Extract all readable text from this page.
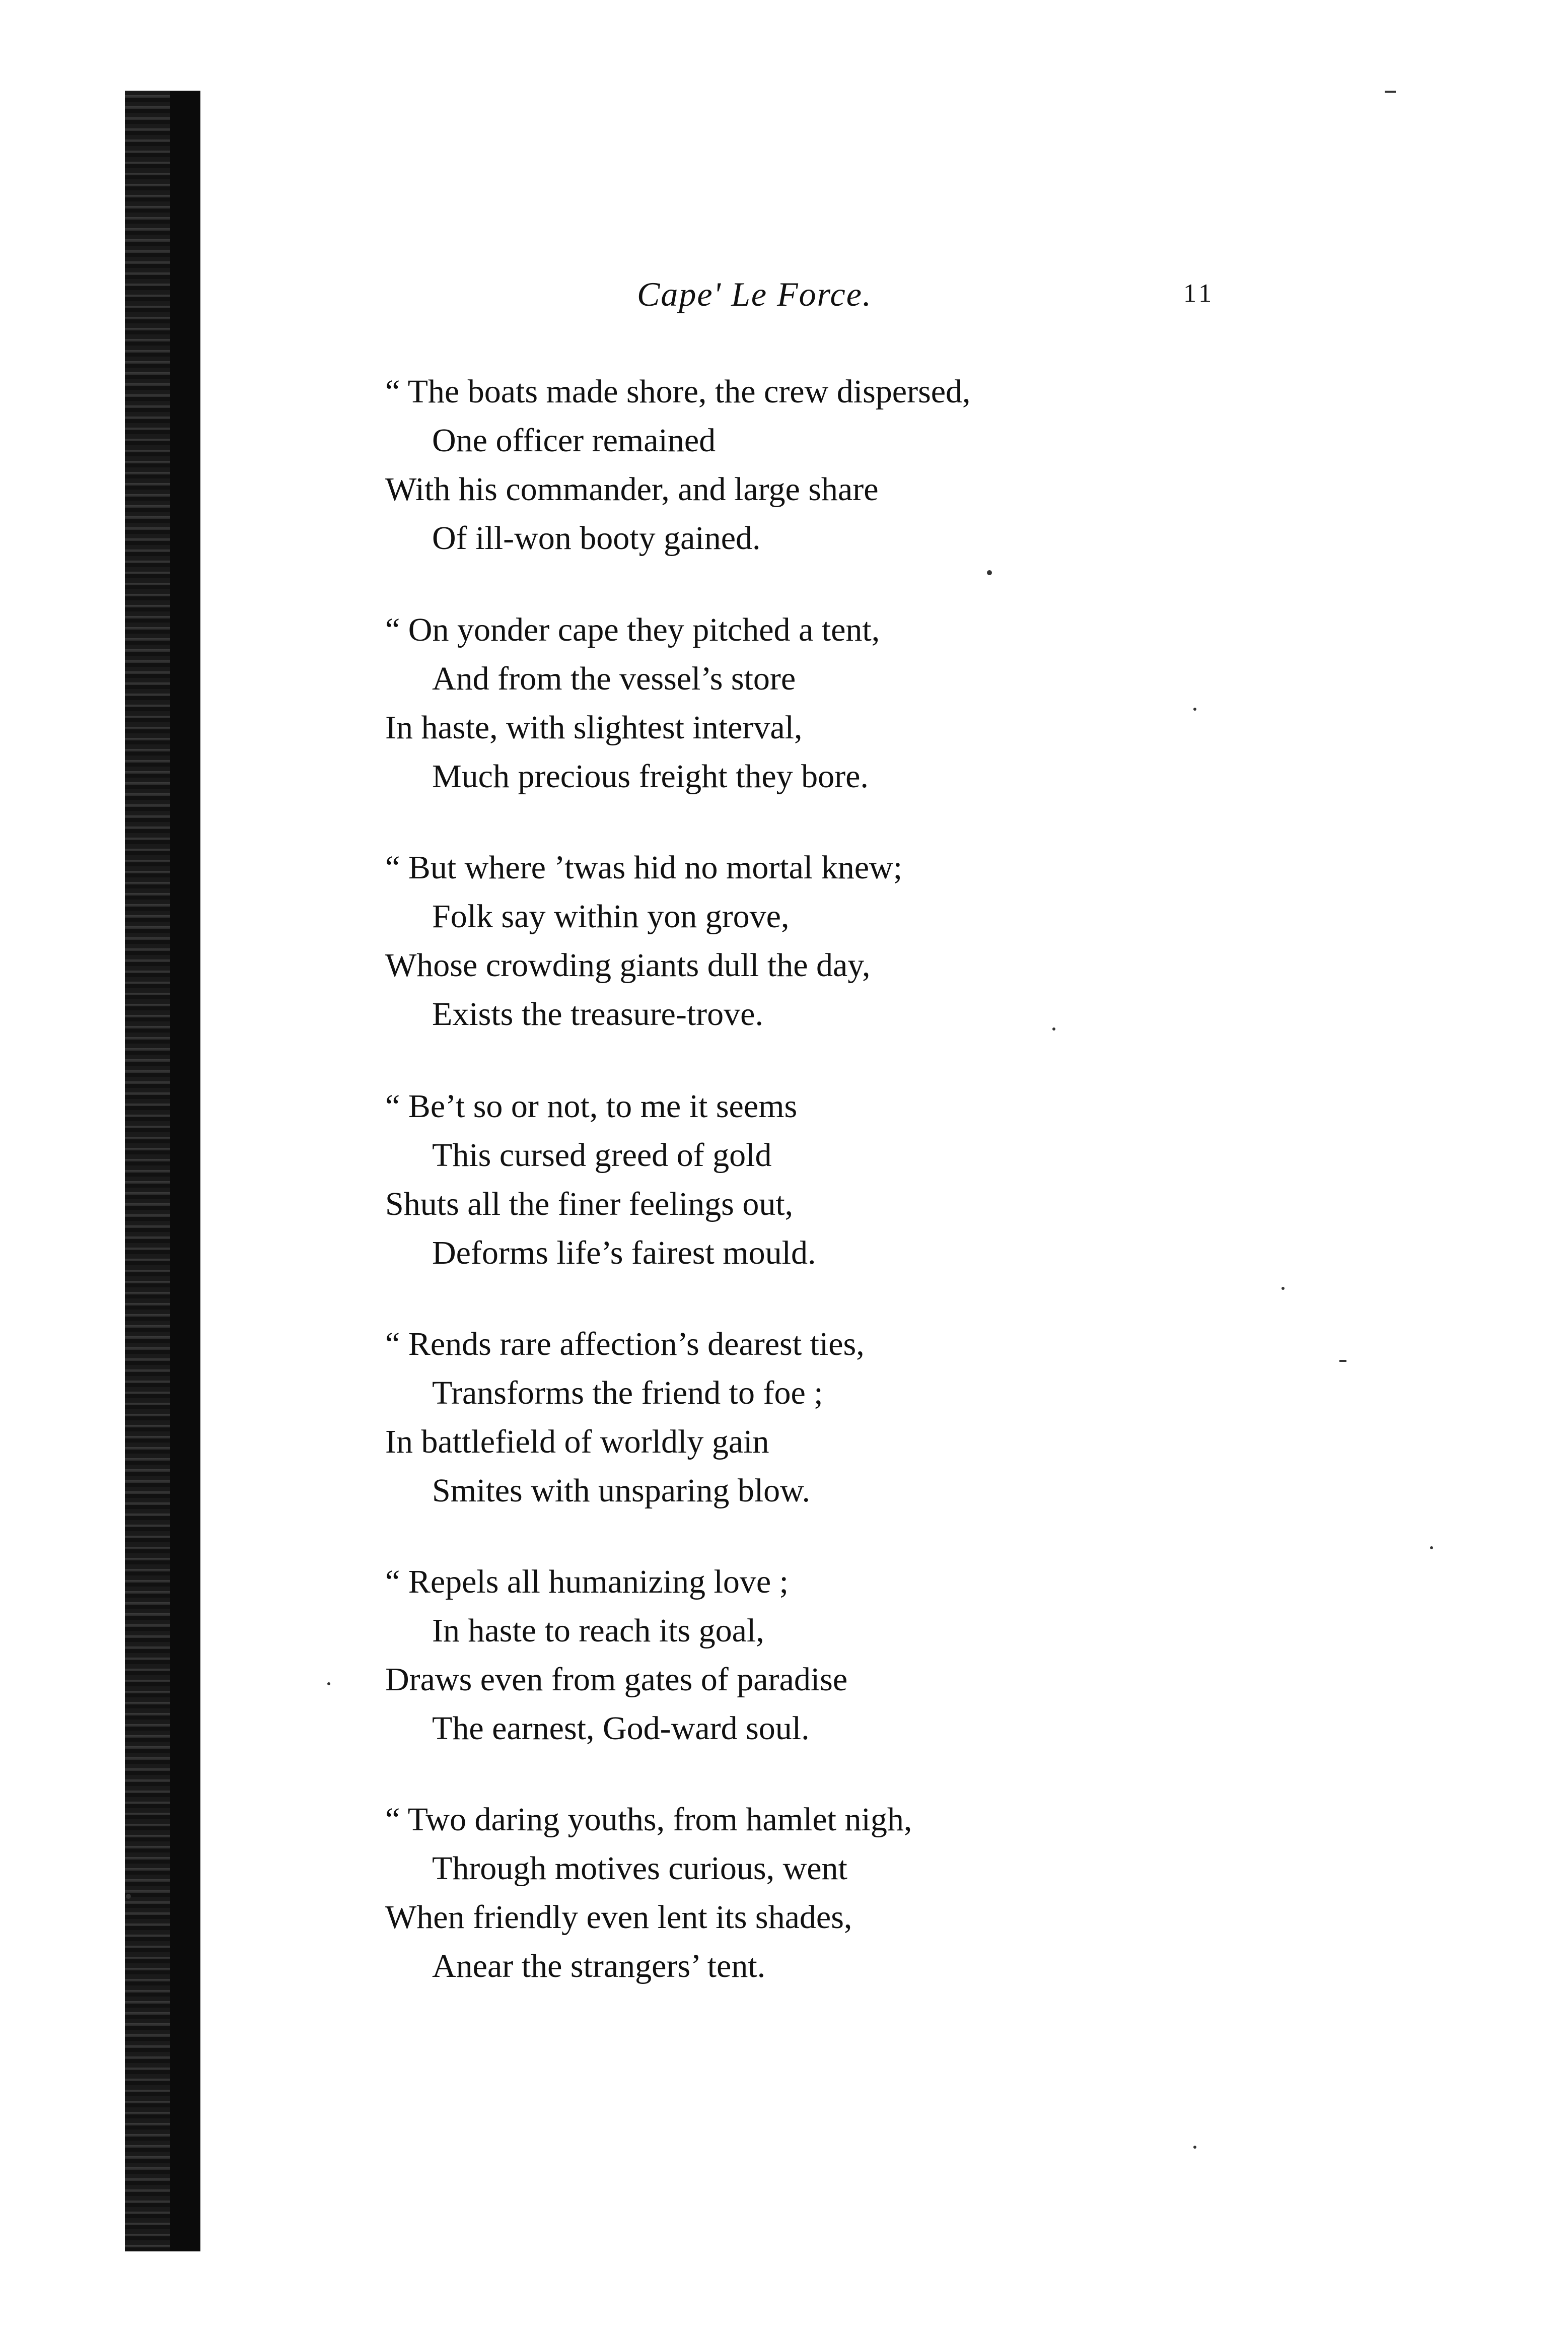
Cape' Le Force.	11
“ The boats made shore, the crew dispersed,
One officer remained
With his commander, and large share
Of ill-won booty gained.
“ On yonder cape they pitched a tent,
And from the vessel’s store
In haste, with slightest interval,
Much precious freight they bore.
“ But where ’twas hid no mortal knew;
Folk say within yon grove,
Whose crowding giants dull the day,
Exists the treasure-trove.
“ Be’t so or not, to me it seems
This cursed greed of gold
Shuts all the finer feelings out,
Deforms life’s fairest mould.
“ Rends rare affection’s dearest ties,
Transforms the friend to foe ;
In battlefield of worldly gain
Smites with unsparing blow.
“ Repels all humanizing love ;
In haste to reach its goal,
Draws even from gates of paradise
The earnest, God-ward soul.
“ Two daring youths, from hamlet nigh,
Through motives curious, went
When friendly even lent its shades,
Anear the strangers’ tent.
